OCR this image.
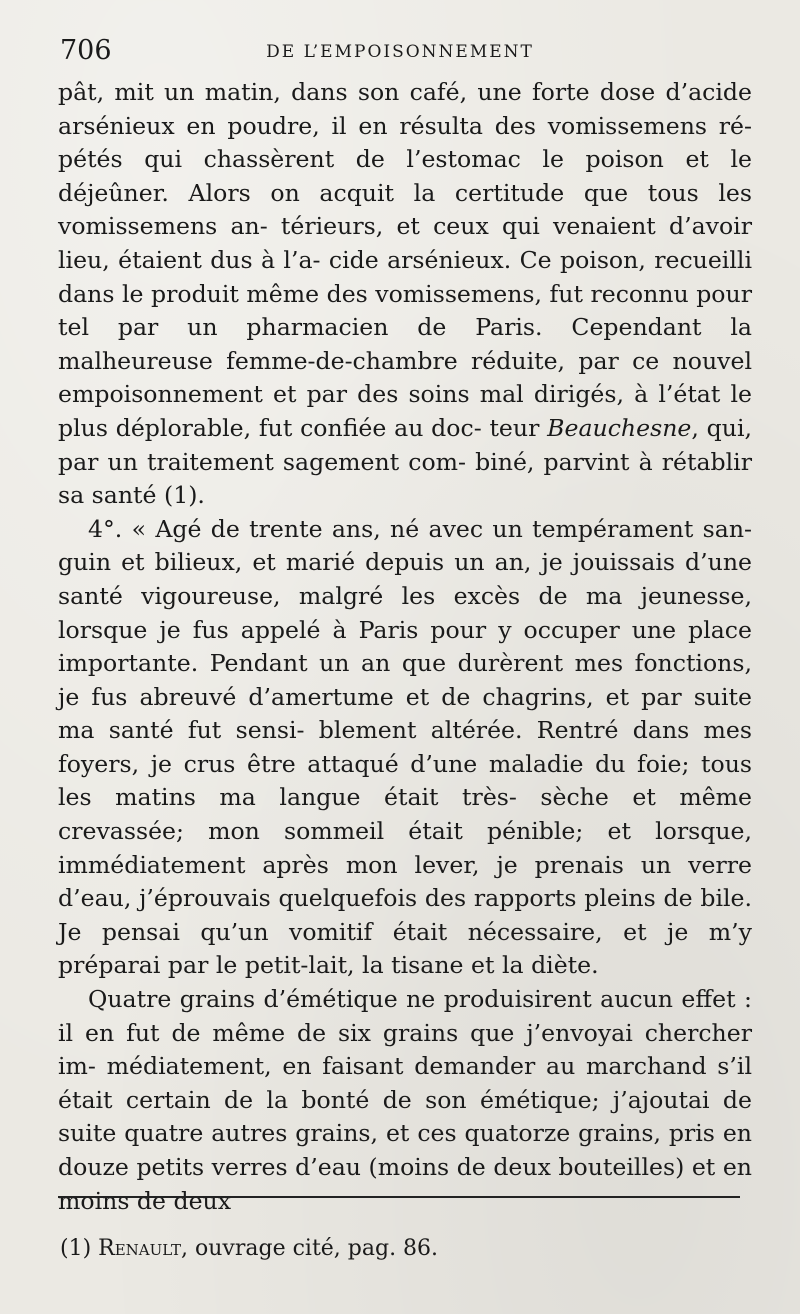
706	DE L’EMPOISONNEMENT

pât, mit un matin, dans son café, une forte dose d’acide arsénieux en poudre, il en résulta des vomissemens ré- pétés qui chassèrent de l’estomac le poison et le déjeûner. Alors on acquit la certitude que tous les vomissemens an- térieurs, et ceux qui venaient d’avoir lieu, étaient dus à l’a- cide arsénieux. Ce poison, recueilli dans le produit même des vomissemens, fut reconnu pour tel par un pharmacien de Paris. Cependant la malheureuse femme-de-chambre réduite, par ce nouvel empoisonnement et par des soins mal dirigés, à l’état le plus déplorable, fut confiée au doc- teur Beauchesne, qui, par un traitement sagement com- biné, parvint à rétablir sa santé (1).

4°. « Agé de trente ans, né avec un tempérament san- guin et bilieux, et marié depuis un an, je jouissais d’une santé vigoureuse, malgré les excès de ma jeunesse, lorsque je fus appelé à Paris pour y occuper une place importante. Pendant un an que durèrent mes fonctions, je fus abreuvé d’amertume et de chagrins, et par suite ma santé fut sensi- blement altérée. Rentré dans mes foyers, je crus être attaqué d’une maladie du foie; tous les matins ma langue était très- sèche et même crevassée; mon sommeil était pénible; et lorsque, immédiatement après mon lever, je prenais un verre d’eau, j’éprouvais quelquefois des rapports pleins de bile. Je pensai qu’un vomitif était nécessaire, et je m’y préparai par le petit-lait, la tisane et la diète.

Quatre grains d’émétique ne produisirent aucun effet : il en fut de même de six grains que j’envoyai chercher im- médiatement, en faisant demander au marchand s’il était certain de la bonté de son émétique; j’ajoutai de suite quatre autres grains, et ces quatorze grains, pris en douze petits verres d’eau (moins de deux bouteilles) et en moins de deux

(1) Renault, ouvrage cité, pag. 86.
